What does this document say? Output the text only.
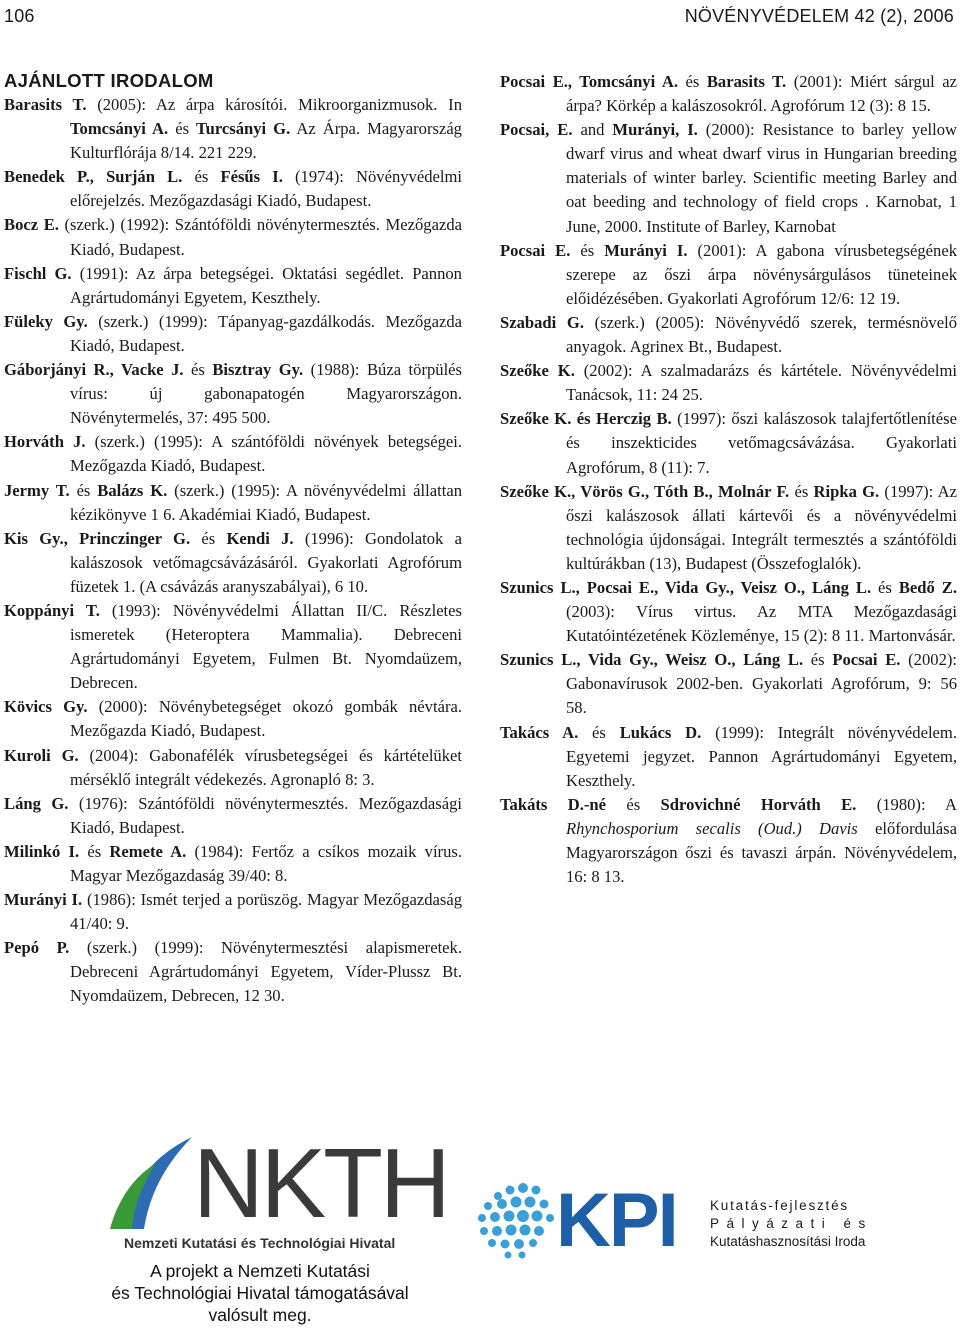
106	NÖVÉNYVÉDELEM 42 (2), 2006
AJÁNLOTT IRODALOM

Barasits T. (2005): Az árpa károsítói. Mikroorganizmusok. In Tomcsányi A. és Turcsányi G. Az Árpa. Magyarország Kulturflórája 8/14. 221 229.

Benedek P., Surján L. és Fésűs I. (1974): Növényvédelmi előrejelzés. Mezőgazdasági Kiadó, Budapest.

Bocz E. (szerk.) (1992): Szántóföldi növénytermesztés. Mezőgazda Kiadó, Budapest.

Fischl G. (1991): Az árpa betegségei. Oktatási segédlet. Pannon Agrártudományi Egyetem, Keszthely.

Füleky Gy. (szerk.) (1999): Tápanyag-gazdálkodás. Mezőgazda Kiadó, Budapest.

Gáborjányi R., Vacke J. és Bisztray Gy. (1988): Búza törpülés vírus: új gabonapatogén Magyarországon. Növénytermelés, 37: 495 500.

Horváth J. (szerk.) (1995): A szántóföldi növények betegségei. Mezőgazda Kiadó, Budapest.

Jermy T. és Balázs K. (szerk.) (1995): A növényvédelmi állattan kézikönyve 1 6. Akadémiai Kiadó, Budapest.

Kis Gy., Princzinger G. és Kendi J. (1996): Gondolatok a kalászosok vetőmagcsávázásáról. Gyakorlati Agrofórum füzetek 1. (A csávázás aranyszabályai), 6 10.

Koppányi T. (1993): Növényvédelmi Állattan II/C. Részletes ismeretek (Heteroptera Mammalia). Debreceni Agrártudományi Egyetem, Fulmen Bt. Nyomdaüzem, Debrecen.

Kövics Gy. (2000): Növénybetegséget okozó gombák névtára. Mezőgazda Kiadó, Budapest.

Kuroli G. (2004): Gabonafélék vírusbetegségei és kártételüket mérséklő integrált védekezés. Agronapló 8: 3.

Láng G. (1976): Szántóföldi növénytermesztés. Mezőgazdasági Kiadó, Budapest.

Milinkó I. és Remete A. (1984): Fertőz a csíkos mozaik vírus. Magyar Mezőgazdaság 39/40: 8.

Murányi I. (1986): Ismét terjed a porüszög. Magyar Mezőgazdaság 41/40: 9.

Pepó P. (szerk.) (1999): Növénytermesztési alapismeretek. Debreceni Agrártudományi Egyetem, Víder-Plussz Bt. Nyomdaüzem, Debrecen, 12 30.

Pocsai E., Tomcsányi A. és Barasits T. (2001): Miért sárgul az árpa? Körkép a kalászosokról. Agrofórum 12 (3): 8 15.

Pocsai, E. and Murányi, I. (2000): Resistance to barley yellow dwarf virus and wheat dwarf virus in Hungarian breeding materials of winter barley. Scientific meeting Barley and oat beeding and technology of field crops . Karnobat, 1 June, 2000. Institute of Barley, Karnobat

Pocsai E. és Murányi I. (2001): A gabona vírusbetegségének szerepe az őszi árpa növénysárgulásos tüneteinek előidézésében. Gyakorlati Agrofórum 12/6: 12 19.

Szabadi G. (szerk.) (2005): Növényvédő szerek, termésnövelő anyagok. Agrinex Bt., Budapest.

Szeőke K. (2002): A szalmadarázs és kártétele. Növényvédelmi Tanácsok, 11: 24 25.

Szeőke K. és Herczig B. (1997): őszi kalászosok talajfertőtlenítése és inszekticides vetőmagcsávázása. Gyakorlati Agrofórum, 8 (11): 7.

Szeőke K., Vörös G., Tóth B., Molnár F. és Ripka G. (1997): Az őszi kalászosok állati kártevői és a növényvédelmi technológia újdonságai. Integrált termesztés a szántóföldi kultúrákban (13), Budapest (Összefoglalók).

Szunics L., Pocsai E., Vida Gy., Veisz O., Láng L. és Bedő Z. (2003): Vírus virtus. Az MTA Mezőgazdasági Kutatóintézetének Közleménye, 15 (2): 8 11. Martonvásár.

Szunics L., Vida Gy., Weisz O., Láng L. és Pocsai E. (2002): Gabonavírusok 2002-ben. Gyakorlati Agrofórum, 9: 56 58.

Takács A. és Lukács D. (1999): Integrált növényvédelem. Egyetemi jegyzet. Pannon Agrártudományi Egyetem, Keszthely.

Takáts D.-né és Sdrovichné Horváth E. (1980): A Rhynchosporium secalis (Oud.) Davis előfordulása Magyarországon őszi és tavaszi árpán. Növényvédelem, 16: 8 13.

NKTH
Nemzeti Kutatási és Technológiai Hivatal
A projekt a Nemzeti Kutatási
és Technológiai Hivatal támogatásával
valósult meg.
KPI Kutatás-fejlesztés
Pályázati és
Kutatáshasznosítási Iroda
